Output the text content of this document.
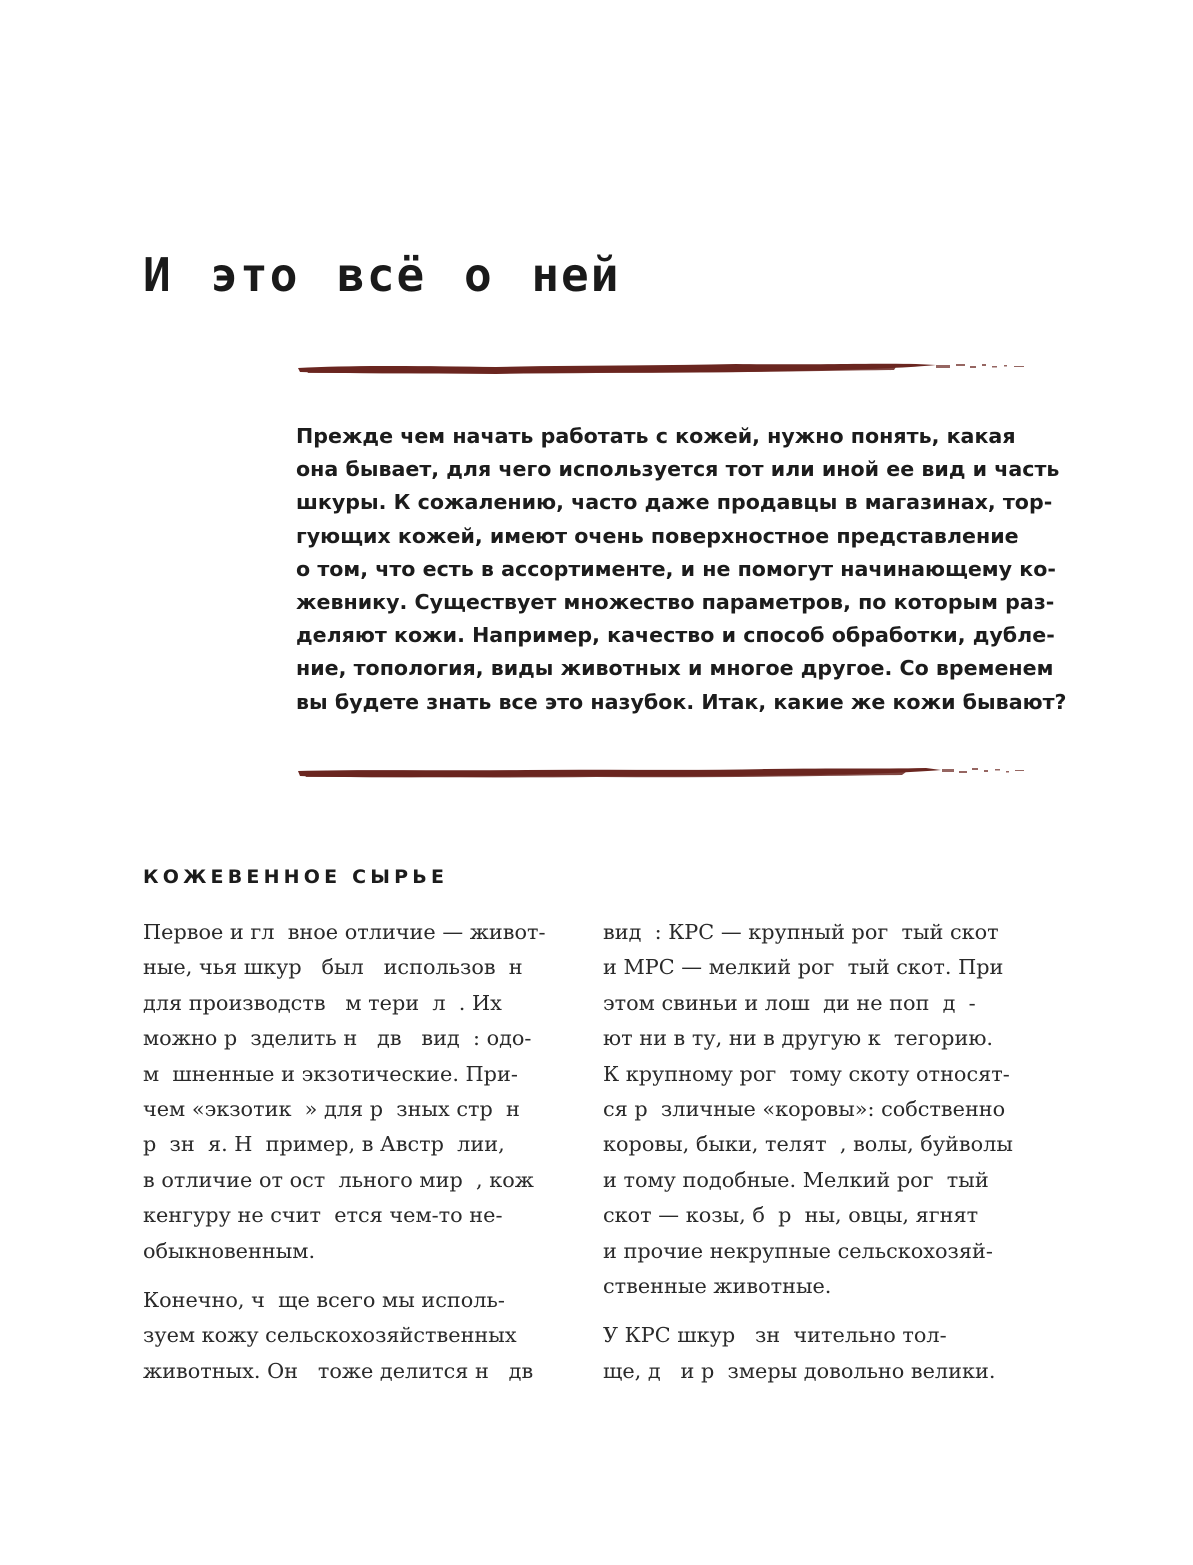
И это всё о ней
Прежде чем начать работать с кожей, нужно понять, какая
она бывает, для чего используется тот или иной ее вид и часть
шкуры. К сожалению, часто даже продавцы в магазинах, тор-
гующих кожей, имеют очень поверхностное представление
о том, что есть в ассортименте, и не помогут начинающему ко-
жевнику. Существует множество параметров, по которым раз-
деляют кожи. Например, качество и способ обработки, дубле-
ние, топология, виды животных и многое другое. Со временем
вы будете знать все это назубок. Итак, какие же кожи бывают?
КОЖЕВЕННОЕ СЫРЬЕ

Первое и гл  вное отличие — живот-
ные, чья шкур   был   использов  н
для производств   м тери  л  . Их
можно р  зделить н   дв   вид  : одо-
м  шненные и экзотические. При-
чем «экзотик  » для р  зных стр  н
р  зн  я. Н  пример, в Австр  лии,
в отличие от ост  льного мир  , кож
кенгуру не счит  ется чем-то не-
обыкновенным.

Конечно, ч  ще всего мы исполь-
зуем кожу сельскохозяйственных
животных. Он   тоже делится н   дв

вид  : КРС — крупный рог  тый скот
и МРС — мелкий рог  тый скот. При
этом свиньи и лош  ди не поп  д  -
ют ни в ту, ни в другую к  тегорию.
К крупному рог  тому скоту относят-
ся р  зличные «коровы»: собственно
коровы, быки, телят  , волы, буйволы
и тому подобные. Мелкий рог  тый
скот — козы, б  р  ны, овцы, ягнят
и прочие некрупные сельскохозяй-
ственные животные.

У КРС шкур   зн  чительно тол-
ще, д   и р  змеры довольно велики.
